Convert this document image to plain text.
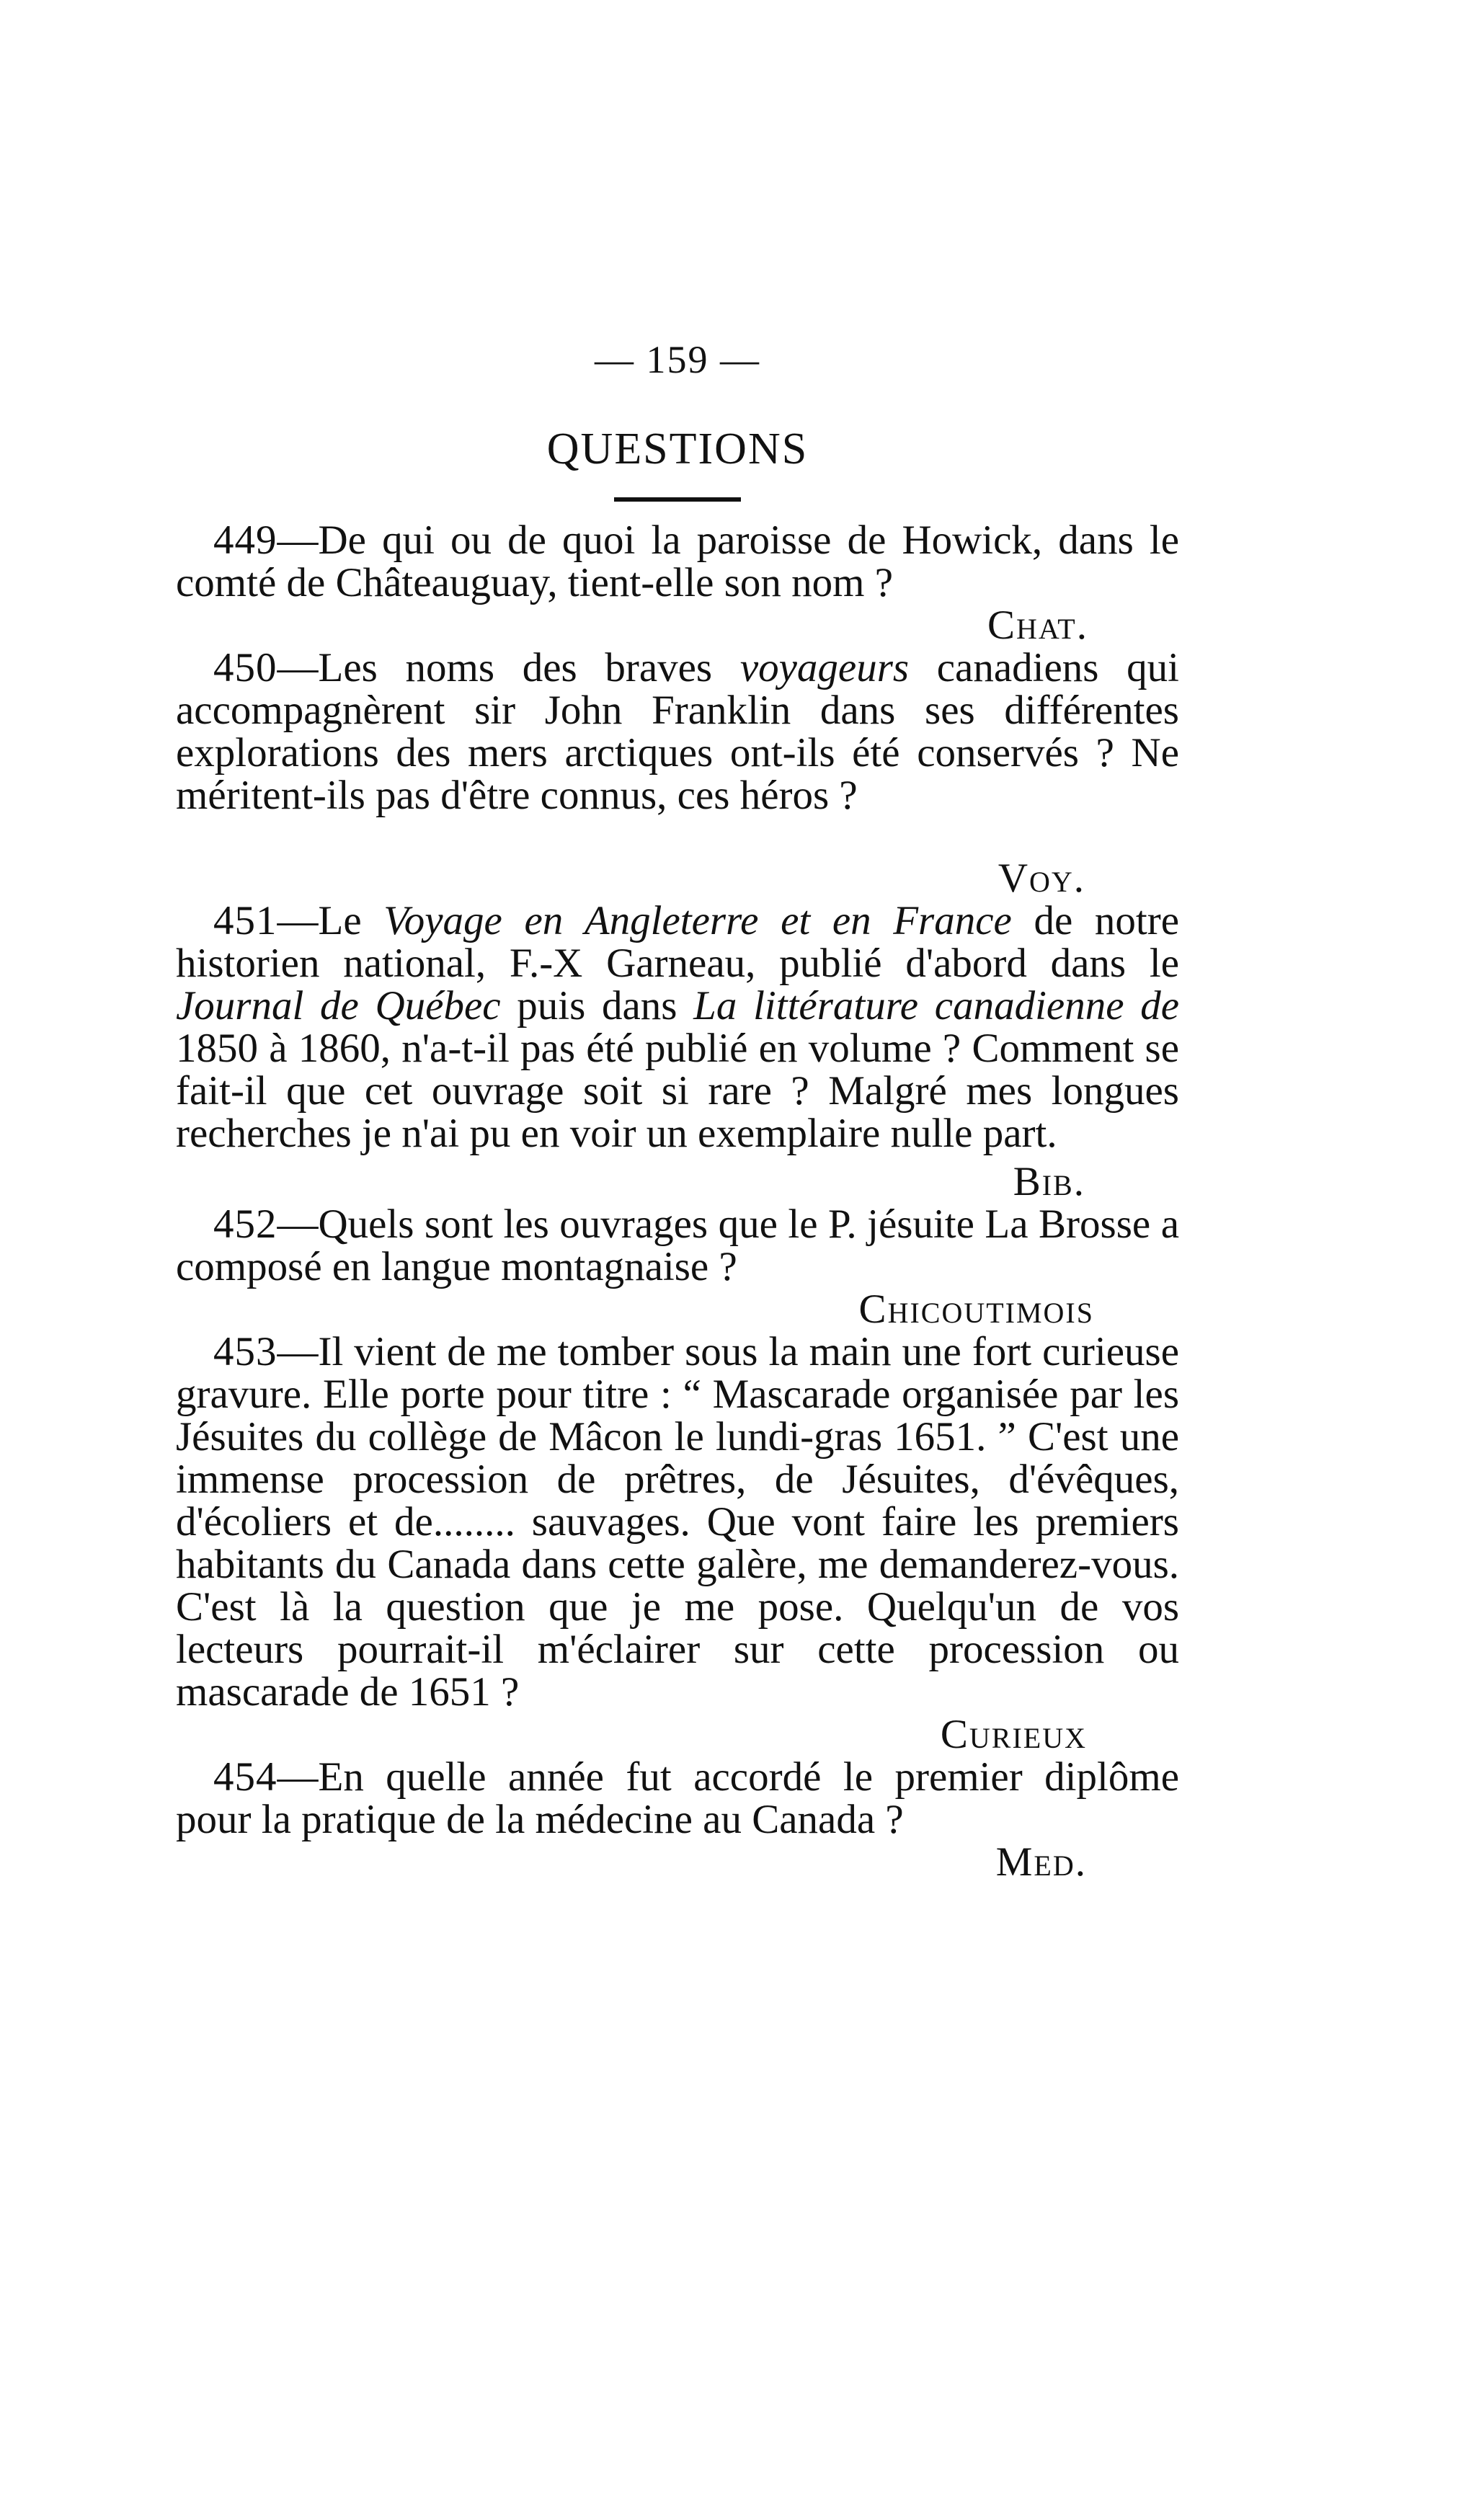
— 159 —
QUESTIONS

449—De qui ou de quoi la paroisse de Howick, dans le comté de Châteauguay, tient-elle son nom ?

Chat.

450—Les noms des braves voyageurs canadiens qui accompagnèrent sir John Franklin dans ses différentes explorations des mers arctiques ont-ils été conservés ? Ne méritent-ils pas d'être connus, ces héros ?

Voy.

451—Le Voyage en Angleterre et en France de notre historien national, F.-X Garneau, publié d'abord dans le Journal de Québec puis dans La littérature canadienne de 1850 à 1860, n'a-t-il pas été publié en volume ? Comment se fait-il que cet ouvrage soit si rare ? Malgré mes longues recherches je n'ai pu en voir un exemplaire nulle part.

Bib.

452—Quels sont les ouvrages que le P. jésuite La Brosse a composé en langue montagnaise ?

Chicoutimois

453—Il vient de me tomber sous la main une fort curieuse gravure. Elle porte pour titre : “ Mascarade organisée par les Jésuites du collège de Mâcon le lundi-gras 1651. ” C'est une immense procession de prêtres, de Jésuites, d'évêques, d'écoliers et de........ sauvages. Que vont faire les premiers habitants du Canada dans cette galère, me demanderez-vous. C'est là la question que je me pose. Quelqu'un de vos lecteurs pourrait-il m'éclairer sur cette procession ou mascarade de 1651 ?

Curieux

454—En quelle année fut accordé le premier diplôme pour la pratique de la médecine au Canada ?

Med.
